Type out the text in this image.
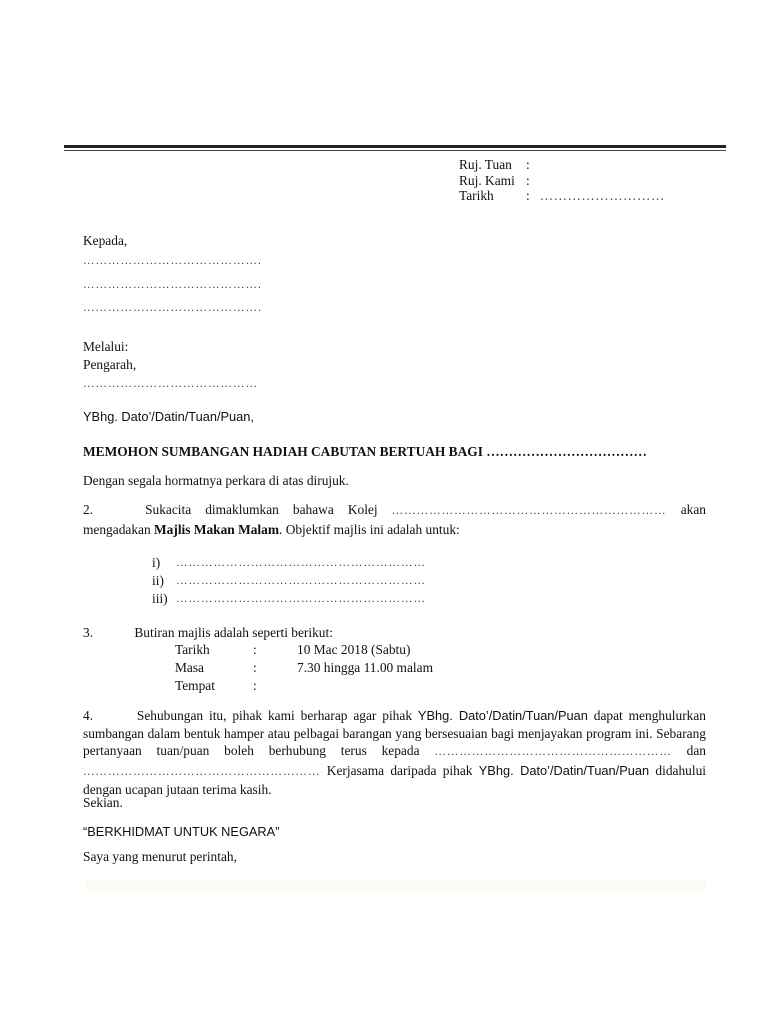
Ruj. Tuan	:
Ruj. Kami :
Tarikh	: ………………………
Kepada,
…………………………………….
…………………………………….
…………………………………….
Melalui:
Pengarah,
……………………………………
YBhg. Dato’/Datin/Tuan/Puan,
MEMOHON SUMBANGAN HADIAH CABUTAN BERTUAH BAGI ………………………………
Dengan segala hormatnya perkara di atas dirujuk.
2.	Sukacita dimaklumkan bahawa Kolej ………………………………………………………… akan mengadakan Majlis Makan Malam. Objektif majlis ini adalah untuk:
i)	……………………………………………………
ii)	……………………………………………………
iii) ……………………………………………………
3.	Butiran majlis adalah seperti berikut:
Tarikh	:	10 Mac 2018 (Sabtu)
Masa	:	7.30 hingga 11.00 malam
Tempat	:
4.	Sehubungan itu, pihak kami berharap agar pihak YBhg. Dato’/Datin/Tuan/Puan dapat menghulurkan sumbangan dalam bentuk hamper atau pelbagai barangan yang bersesuaian bagi menjayakan program ini. Sebarang pertanyaan tuan/puan boleh berhubung terus kepada ………………………………………………… dan ………………………………………………… Kerjasama daripada pihak YBhg. Dato’/Datin/Tuan/Puan didahului dengan ucapan jutaan terima kasih.
Sekian.
“BERKHIDMAT UNTUK NEGARA”
Saya yang menurut perintah,
